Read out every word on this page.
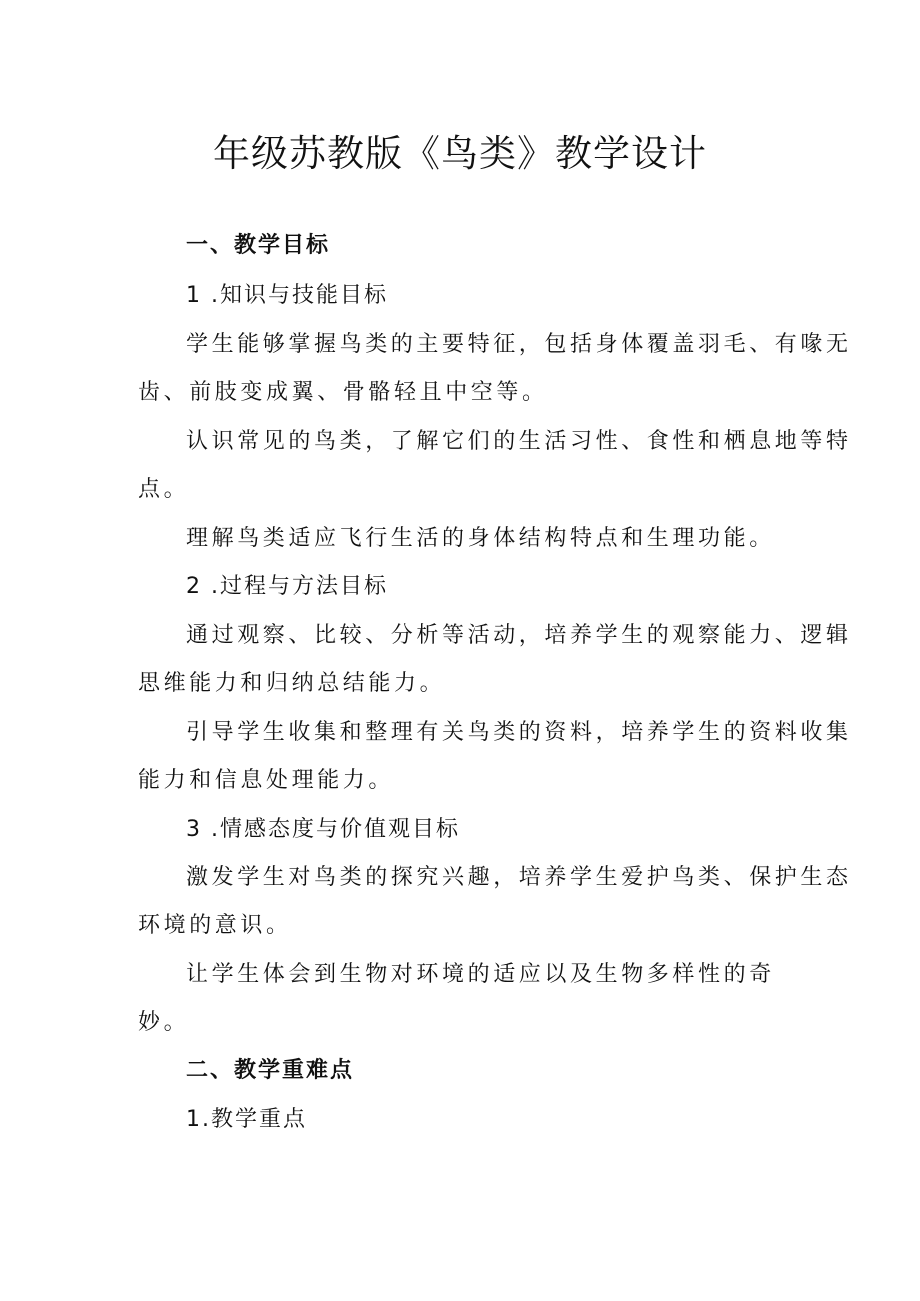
年级苏教版《鸟类》教学设计
一、教学目标
1 .知识与技能目标
学生能够掌握鸟类的主要特征，包括身体覆盖羽毛、有喙无
齿、前肢变成翼、骨骼轻且中空等。
认识常见的鸟类，了解它们的生活习性、食性和栖息地等特
点。
理解鸟类适应飞行生活的身体结构特点和生理功能。
2 .过程与方法目标
通过观察、比较、分析等活动，培养学生的观察能力、逻辑
思维能力和归纳总结能力。
引导学生收集和整理有关鸟类的资料，培养学生的资料收集
能力和信息处理能力。
3 .情感态度与价值观目标
激发学生对鸟类的探究兴趣，培养学生爱护鸟类、保护生态
环境的意识。
让学生体会到生物对环境的适应以及生物多样性的奇
妙。
二、教学重难点
1.教学重点
